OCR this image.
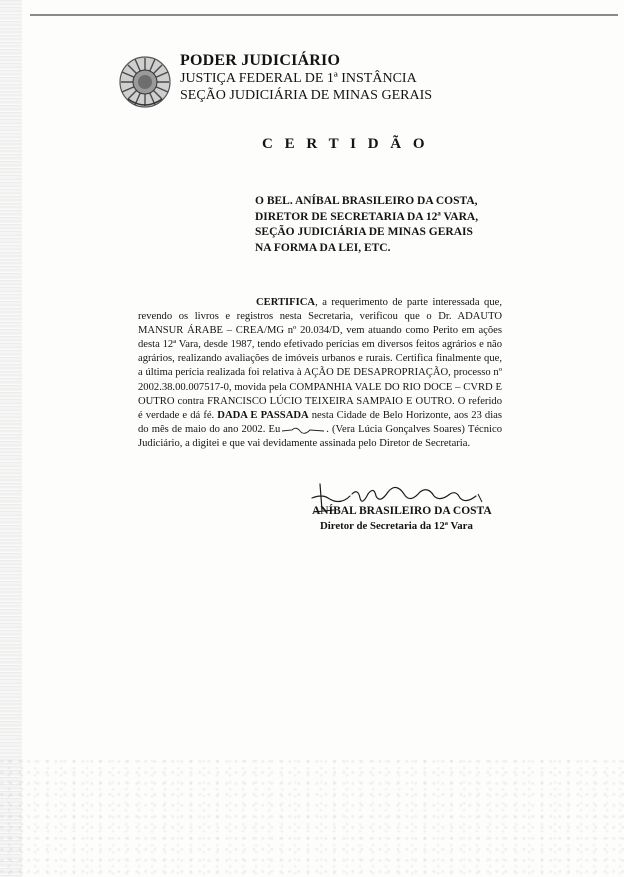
PODER JUDICIÁRIO
JUSTIÇA FEDERAL DE 1ª INSTÂNCIA
SEÇÃO JUDICIÁRIA DE MINAS GERAIS
C E R T I D Ã O
O BEL. ANÍBAL BRASILEIRO DA COSTA,
DIRETOR DE SECRETARIA DA 12ª VARA,
SEÇÃO JUDICIÁRIA DE MINAS GERAIS
NA FORMA DA LEI, ETC.

CERTIFICA, a requerimento de parte interessada que, revendo os livros e registros nesta Secretaria, verificou que o Dr. ADAUTO MANSUR ÁRABE – CREA/MG nº 20.034/D, vem atuando como Perito em ações desta 12ª Vara, desde 1987, tendo efetivado perícias em diversos feitos agrários e não agrários, realizando avaliações de imóveis urbanos e rurais. Certifica finalmente que, a última perícia realizada foi relativa à AÇÃO DE DESAPROPRIAÇÃO, processo nº 2002.38.00.007517-0, movida pela COMPANHIA VALE DO RIO DOCE – CVRD E OUTRO contra FRANCISCO LÚCIO TEIXEIRA SAMPAIO E OUTRO. O referido é verdade e dá fé. DADA E PASSADA nesta Cidade de Belo Horizonte, aos 23 dias do mês de maio do ano 2002. Eu	. (Vera Lúcia Gonçalves Soares) Técnico Judiciário, a digitei e que vai devidamente assinada pelo Diretor de Secretaria.

ANÍBAL BRASILEIRO DA COSTA
Diretor de Secretaria da 12ª Vara
